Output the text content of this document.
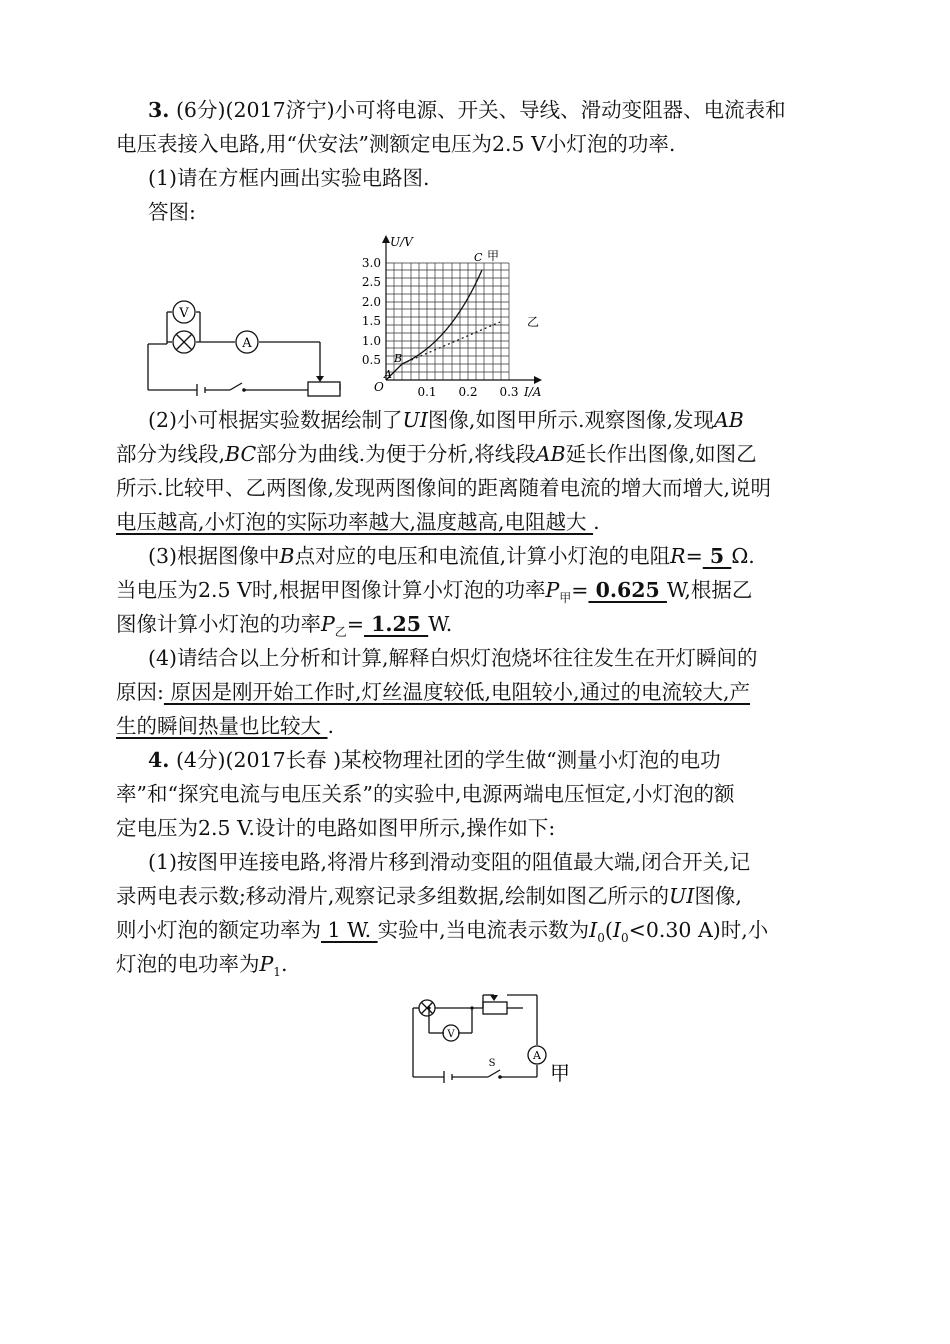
3. (6分)(2017济宁)小可将电源、开关、导线、滑动变阻器、电流表和
电压表接入电路,用“伏安法”测额定电压为2.5 V小灯泡的功率.
(1)请在方框内画出实验电路图.
答图:
V
A
U/V
I/A
3.0
2.5
2.0
1.5
1.0
0.5
0.1 0.2 0.3
O
A
B
C 甲
乙
(2)小可根据实验数据绘制了UI图像,如图甲所示.观察图像,发现AB
部分为线段,BC部分为曲线.为便于分析,将线段AB延长作出图像,如图乙
所示.比较甲、乙两图像,发现两图像间的距离随着电流的增大而增大,说明
电压越高,小灯泡的实际功率越大,温度越高,电阻越大 .
(3)根据图像中B点对应的电压和电流值,计算小灯泡的电阻R= 5 Ω.
当电压为2.5 V时,根据甲图像计算小灯泡的功率$P_甲= 0.625$ W,根据乙
图像计算小灯泡的功率$P_乙= 1.25$ W.
(4)请结合以上分析和计算,解释白炽灯泡烧坏往往发生在开灯瞬间的
原因: 原因是刚开始工作时,灯丝温度较低,电阻较小,通过的电流较大,产
生的瞬间热量也比较大 .
4. (4分)(2017长春 )某校物理社团的学生做“测量小灯泡的电功
率”和“探究电流与电压关系”的实验中,电源两端电压恒定,小灯泡的额
定电压为2.5 V.设计的电路如图甲所示,操作如下:
(1)按图甲连接电路,将滑片移到滑动变阻的阻值最大端,闭合开关,记
录两电表示数;移动滑片,观察记录多组数据,绘制如图乙所示的UI图像,
则小灯泡的额定功率为 1 W. 实验中,当电流表示数为$I_0(I_0<0.30$ A)时,小
灯泡的电功率为$P_1$.
V
A
S	甲
